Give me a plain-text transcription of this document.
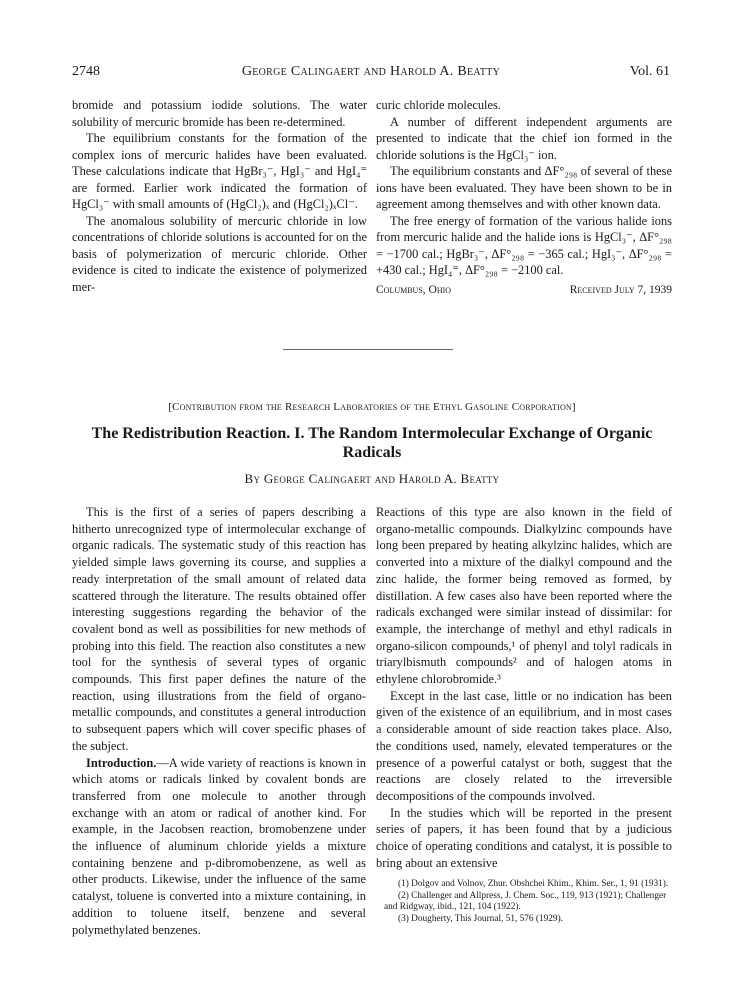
2748	George Calingaert and Harold A. Beatty	Vol. 61

bromide and potassium iodide solutions. The water solubility of mercuric bromide has been re-determined.

The equilibrium constants for the formation of the complex ions of mercuric halides have been evaluated. These calculations indicate that HgBr₃⁻, HgI₃⁻ and HgI₄⁼ are formed. Earlier work indicated the formation of HgCl₃⁻ with small amounts of (HgCl₂)ₓ and (HgCl₂)ₓCl⁻.

The anomalous solubility of mercuric chloride in low concentrations of chloride solutions is accounted for on the basis of polymerization of mercuric chloride. Other evidence is cited to indicate the existence of polymerized mer-

curic chloride molecules.

A number of different independent arguments are presented to indicate that the chief ion formed in the chloride solutions is the HgCl₃⁻ ion.

The equilibrium constants and ΔF°₂₉₈ of several of these ions have been evaluated. They have been shown to be in agreement among themselves and with other known data.

The free energy of formation of the various halide ions from mercuric halide and the halide ions is HgCl₃⁻, ΔF°₂₉₈ = −1700 cal.; HgBr₃⁻, ΔF°₂₉₈ = −365 cal.; HgI₃⁻, ΔF°₂₉₈ = +430 cal.; HgI₄⁼, ΔF°₂₉₈ = −2100 cal.

Columbus, Ohio	Received July 7, 1939
[Contribution from the Research Laboratories of the Ethyl Gasoline Corporation]
The Redistribution Reaction. I. The Random Intermolecular Exchange of Organic Radicals
By George Calingaert and Harold A. Beatty

This is the first of a series of papers describing a hitherto unrecognized type of intermolecular exchange of organic radicals. The systematic study of this reaction has yielded simple laws governing its course, and supplies a ready interpretation of the small amount of related data scattered through the literature. The results obtained offer interesting suggestions regarding the behavior of the covalent bond as well as possibilities for new methods of probing into this field. The reaction also constitutes a new tool for the synthesis of several types of organic compounds. This first paper defines the nature of the reaction, using illustrations from the field of organo-metallic compounds, and constitutes a general introduction to subsequent papers which will cover specific phases of the subject.

Introduction.—A wide variety of reactions is known in which atoms or radicals linked by covalent bonds are transferred from one molecule to another through exchange with an atom or radical of another kind. For example, in the Jacobsen reaction, bromobenzene under the influence of aluminum chloride yields a mixture containing benzene and p-dibromobenzene, as well as other products. Likewise, under the influence of the same catalyst, toluene is converted into a mixture containing, in addition to toluene itself, benzene and several polymethylated benzenes.

Reactions of this type are also known in the field of organo-metallic compounds. Dialkylzinc compounds have long been prepared by heating alkylzinc halides, which are converted into a mixture of the dialkyl compound and the zinc halide, the former being removed as formed, by distillation. A few cases also have been reported where the radicals exchanged were similar instead of dissimilar: for example, the interchange of methyl and ethyl radicals in organo-silicon compounds,¹ of phenyl and tolyl radicals in triarylbismuth compounds² and of halogen atoms in ethylene chlorobromide.³

Except in the last case, little or no indication has been given of the existence of an equilibrium, and in most cases a considerable amount of side reaction takes place. Also, the conditions used, namely, elevated temperatures or the presence of a powerful catalyst or both, suggest that the reactions are closely related to the irreversible decompositions of the compounds involved.

In the studies which will be reported in the present series of papers, it has been found that by a judicious choice of operating conditions and catalyst, it is possible to bring about an extensive

(1) Dolgov and Volnov, Zhur. Obshchei Khim., Khim. Ser., 1, 91 (1931).

(2) Challenger and Allpress, J. Chem. Soc., 119, 913 (1921); Challenger and Ridgway, ibid., 121, 104 (1922).

(3) Dougherty, This Journal, 51, 576 (1929).
